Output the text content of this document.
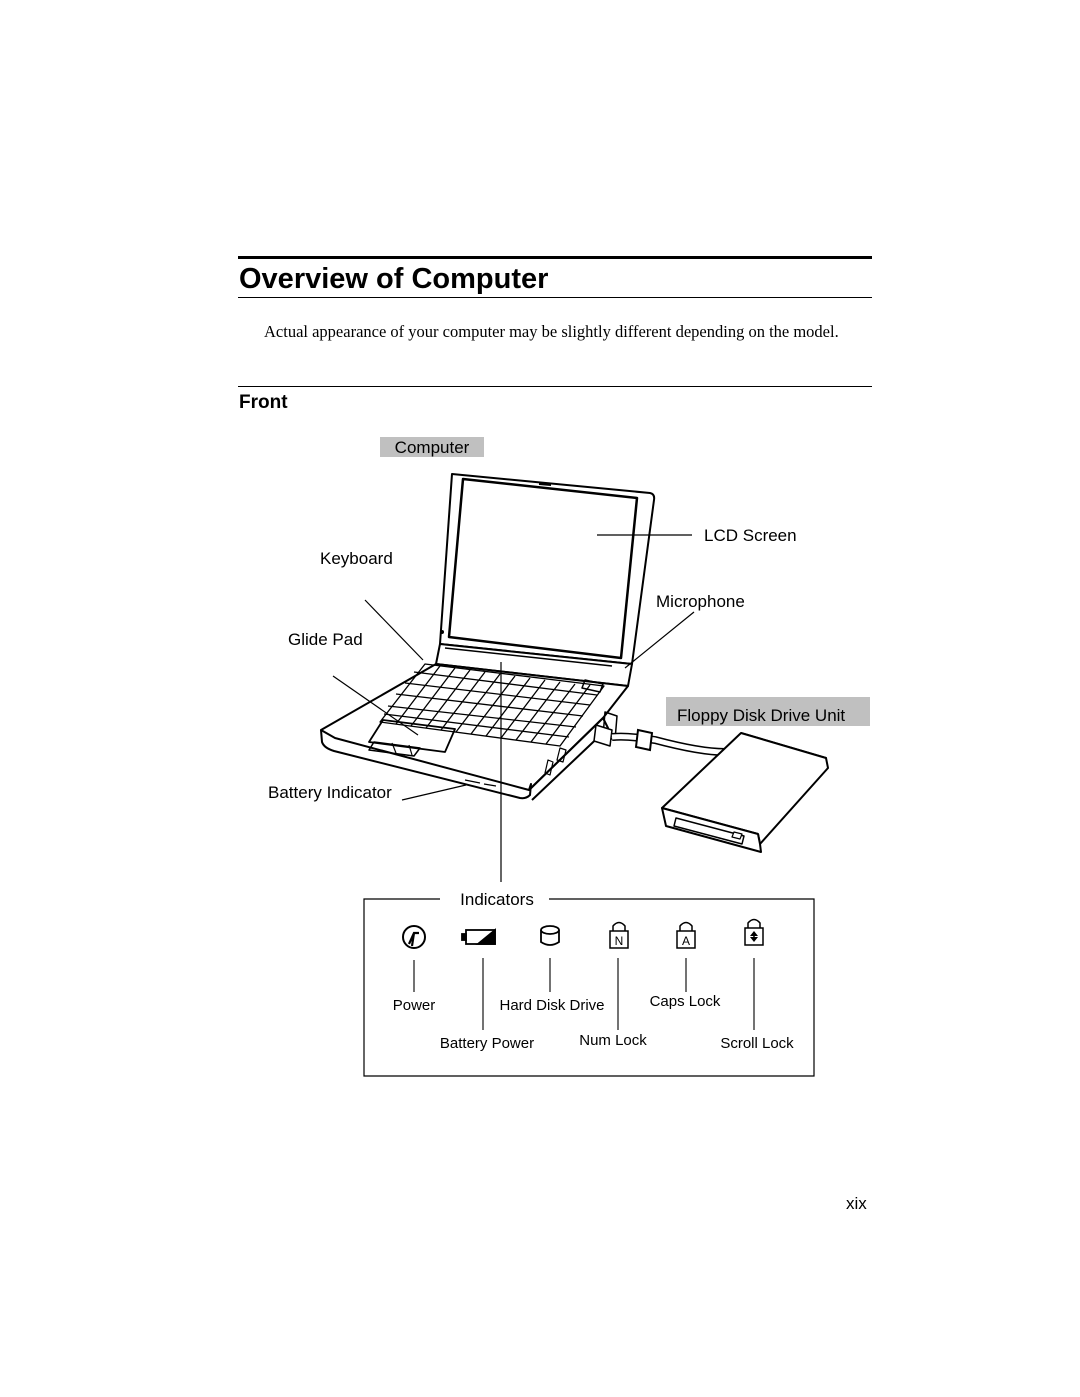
Overview of Computer

Actual appearance of your computer may be slightly different depending on the model.

Front
Computer
LCD Screen
Keyboard
Microphone
Glide Pad
Floppy Disk Drive Unit
Battery Indicator
Indicators
N	A
Power
Battery Power
Hard Disk Drive
Num Lock
Caps Lock
Scroll Lock
xix
